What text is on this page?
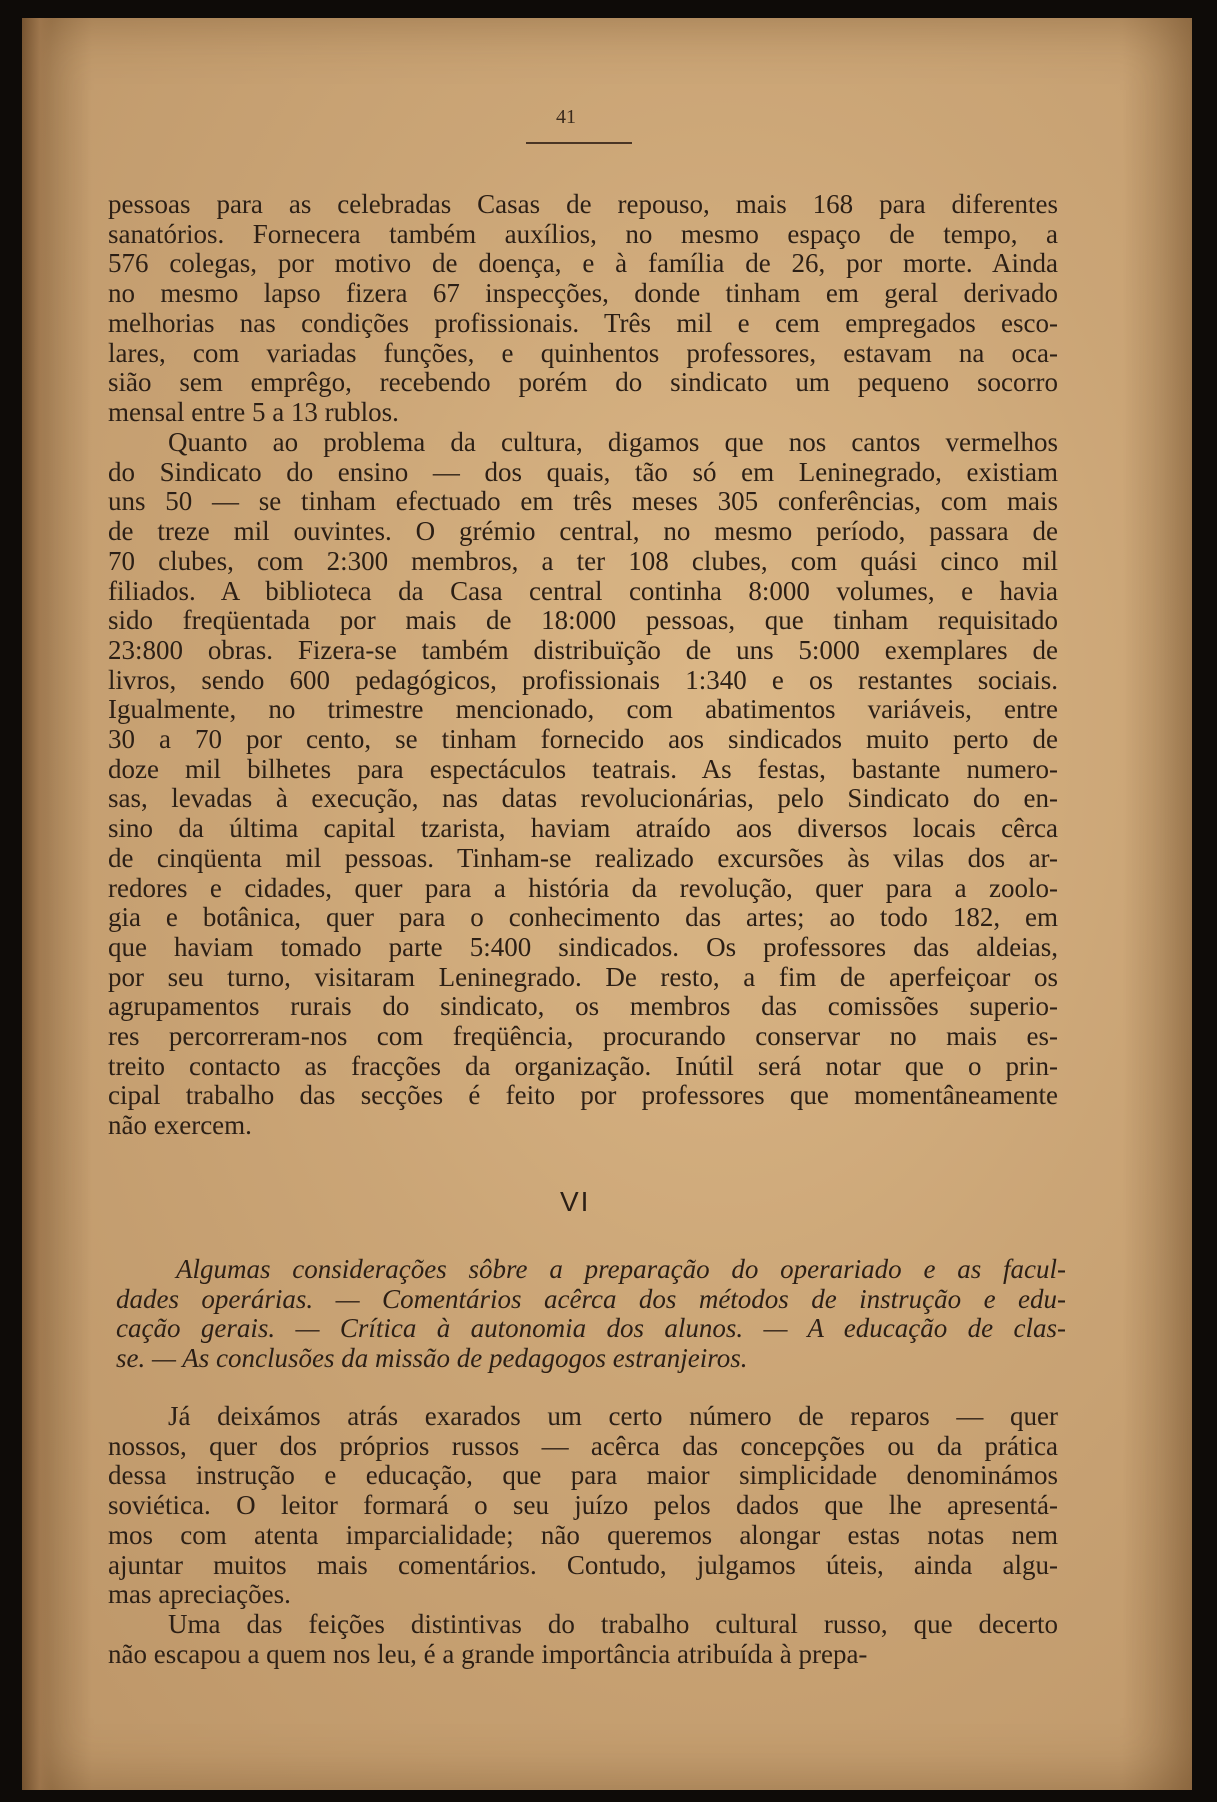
41
pessoas para as celebradas Casas de repouso, mais 168 para diferentes
sanatórios. Fornecera também auxílios, no mesmo espaço de tempo, a
576 colegas, por motivo de doença, e à família de 26, por morte. Ainda
no mesmo lapso fizera 67 inspecções, donde tinham em geral derivado
melhorias nas condições profissionais. Três mil e cem empregados esco-
lares, com variadas funções, e quinhentos professores, estavam na oca-
sião sem emprêgo, recebendo porém do sindicato um pequeno socorro
mensal entre 5 a 13 rublos.
Quanto ao problema da cultura, digamos que nos cantos vermelhos
do Sindicato do ensino — dos quais, tão só em Leninegrado, existiam
uns 50 — se tinham efectuado em três meses 305 conferências, com mais
de treze mil ouvintes. O grémio central, no mesmo período, passara de
70 clubes, com 2:300 membros, a ter 108 clubes, com quási cinco mil
filiados. A biblioteca da Casa central continha 8:000 volumes, e havia
sido freqüentada por mais de 18:000 pessoas, que tinham requisitado
23:800 obras. Fizera-se também distribuïção de uns 5:000 exemplares de
livros, sendo 600 pedagógicos, profissionais 1:340 e os restantes sociais.
Igualmente, no trimestre mencionado, com abatimentos variáveis, entre
30 a 70 por cento, se tinham fornecido aos sindicados muito perto de
doze mil bilhetes para espectáculos teatrais. As festas, bastante numero-
sas, levadas à execução, nas datas revolucionárias, pelo Sindicato do en-
sino da última capital tzarista, haviam atraído aos diversos locais cêrca
de cinqüenta mil pessoas. Tinham-se realizado excursões às vilas dos ar-
redores e cidades, quer para a história da revolução, quer para a zoolo-
gia e botânica, quer para o conhecimento das artes; ao todo 182, em
que haviam tomado parte 5:400 sindicados. Os professores das aldeias,
por seu turno, visitaram Leninegrado. De resto, a fim de aperfeiçoar os
agrupamentos rurais do sindicato, os membros das comissões superio-
res percorreram-nos com freqüência, procurando conservar no mais es-
treito contacto as fracções da organização. Inútil será notar que o prin-
cipal trabalho das secções é feito por professores que momentâneamente
não exercem.
VI
Algumas considerações sôbre a preparação do operariado e as facul-
dades operárias. — Comentários acêrca dos métodos de instrução e edu-
cação gerais. — Crítica à autonomia dos alunos. — A educação de clas-
se. — As conclusões da missão de pedagogos estranjeiros.
Já deixámos atrás exarados um certo número de reparos — quer
nossos, quer dos próprios russos — acêrca das concepções ou da prática
dessa instrução e educação, que para maior simplicidade denominámos
soviética. O leitor formará o seu juízo pelos dados que lhe apresentá-
mos com atenta imparcialidade; não queremos alongar estas notas nem
ajuntar muitos mais comentários. Contudo, julgamos úteis, ainda algu-
mas apreciações.
Uma das feições distintivas do trabalho cultural russo, que decerto
não escapou a quem nos leu, é a grande importância atribuída à prepa-
